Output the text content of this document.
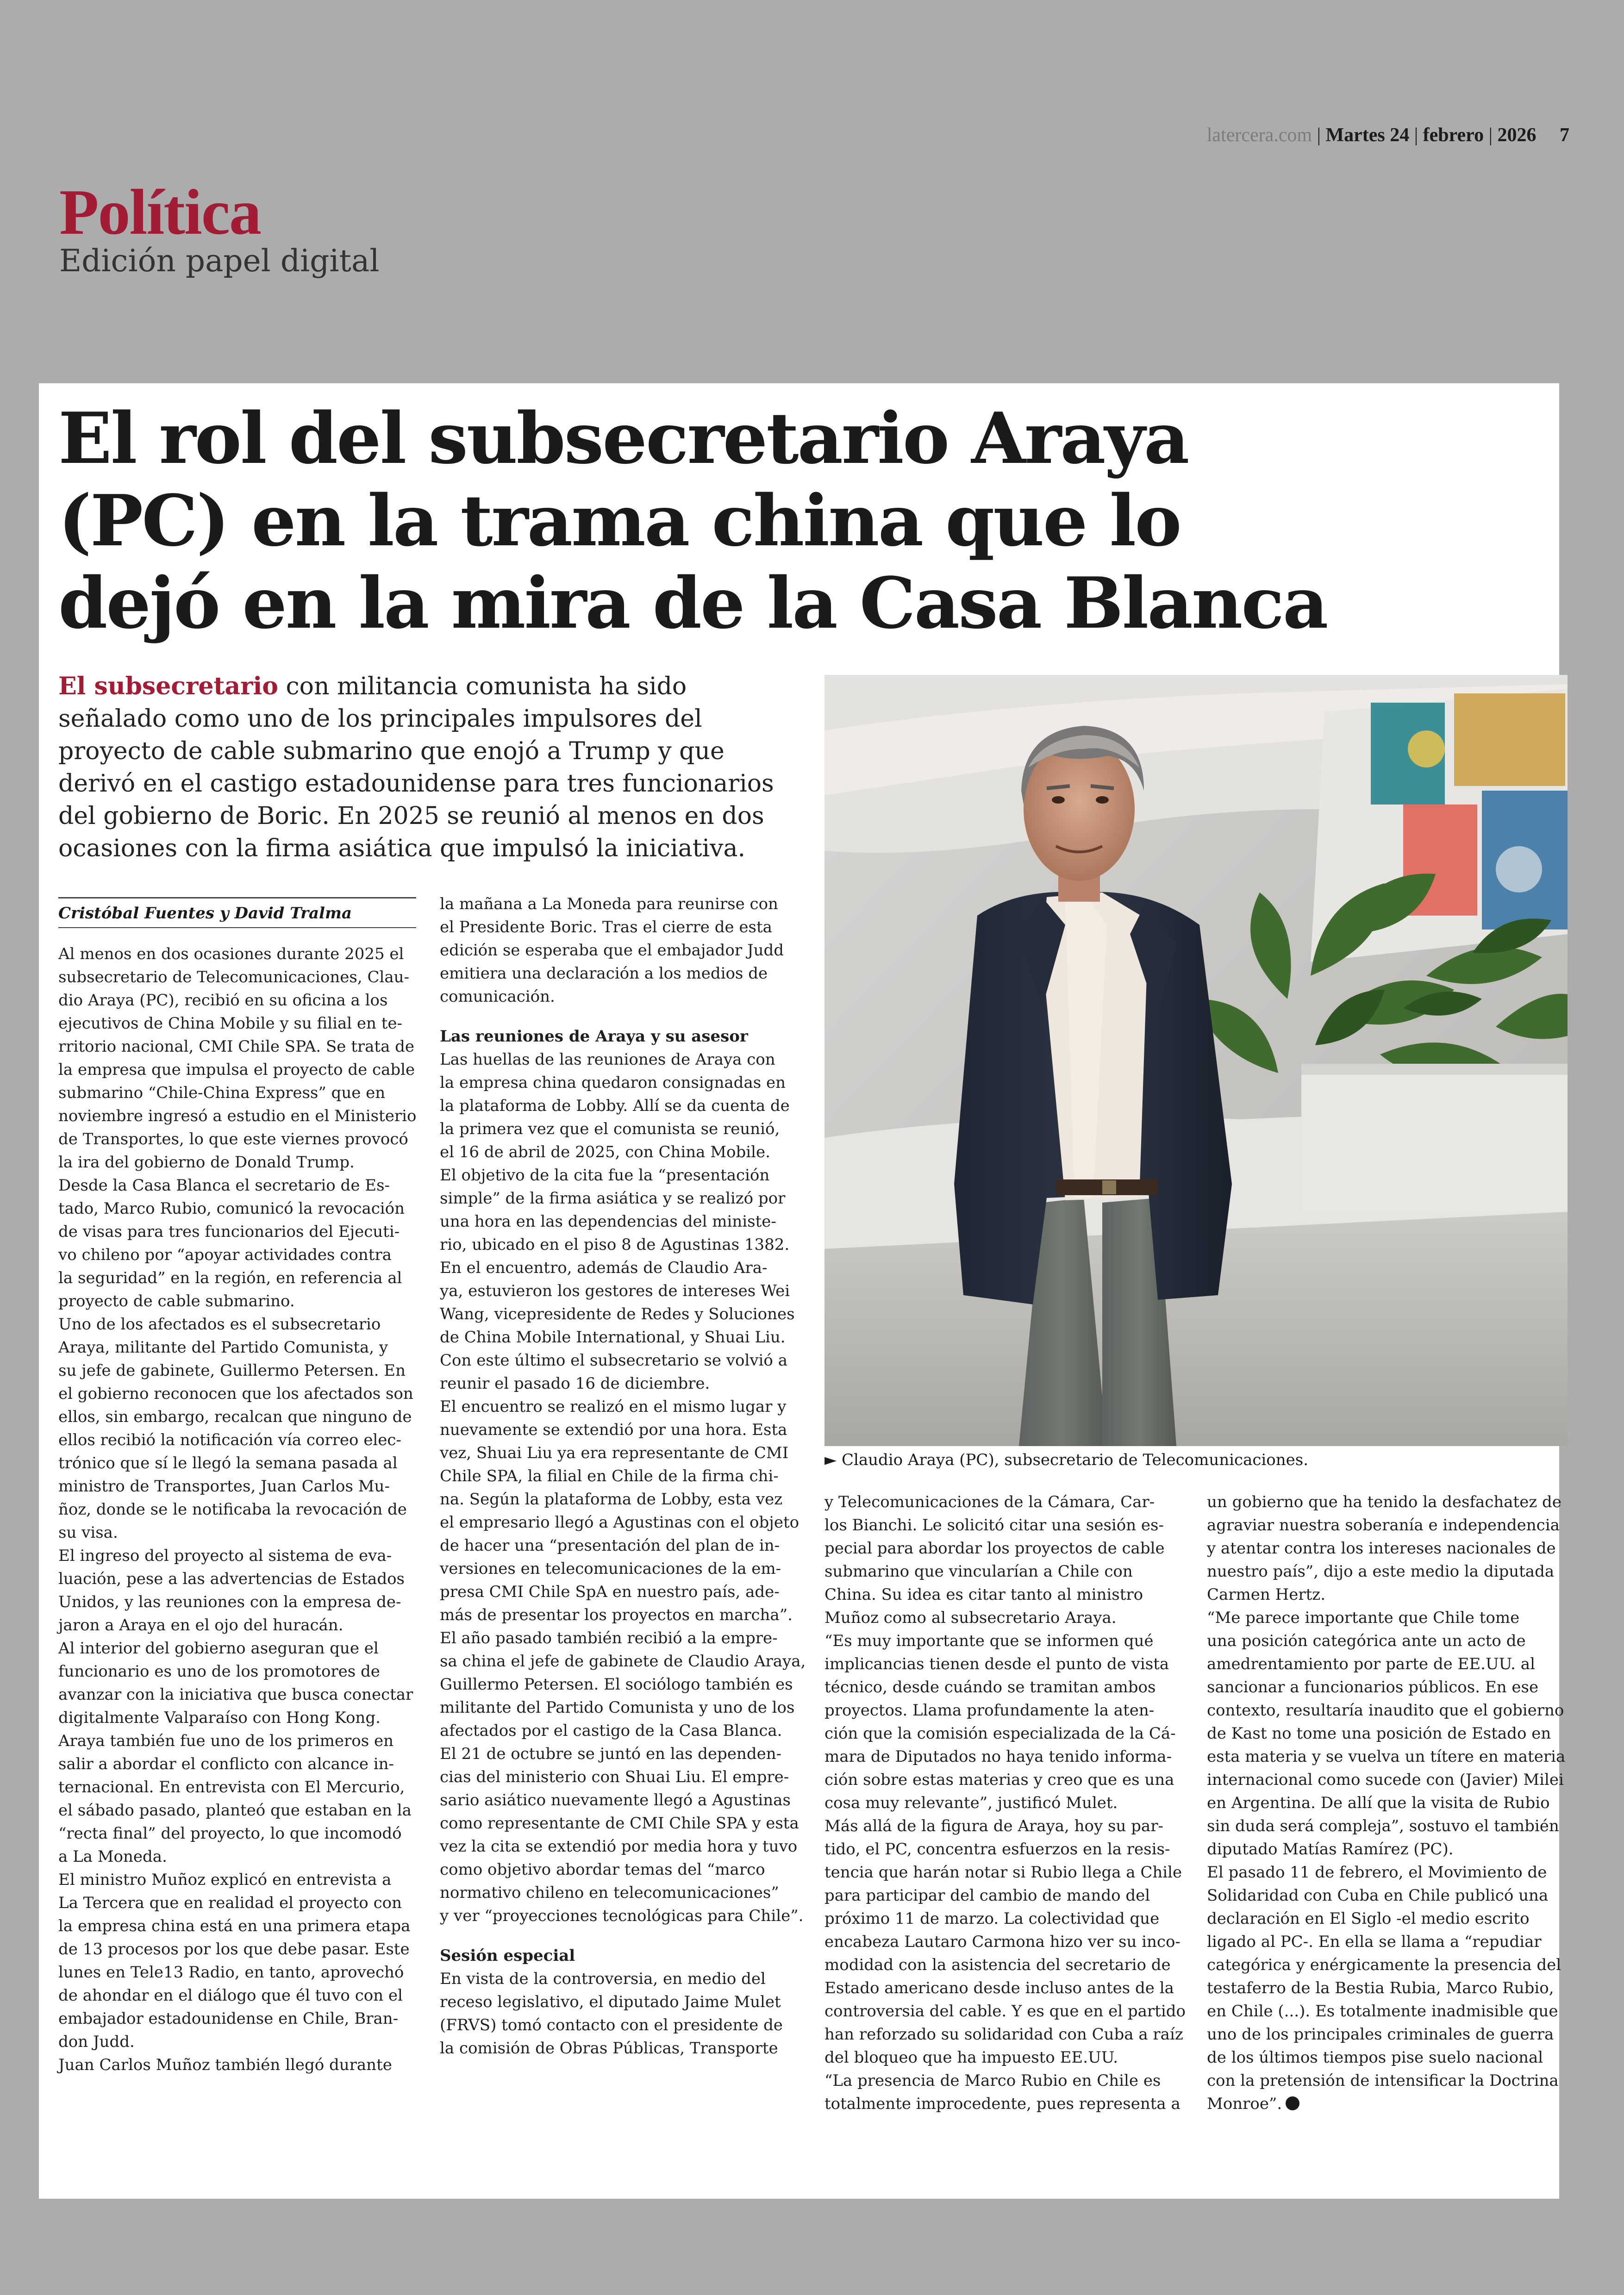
latercera.com | Martes 24 | febrero | 2026 7
Política
Edición papel digital
El rol del subsecretario Araya
(PC) en la trama china que lo
dejó en la mira de la Casa Blanca
El subsecretario con militancia comunista ha sido
señalado como uno de los principales impulsores del
proyecto de cable submarino que enojó a Trump y que
derivó en el castigo estadounidense para tres funcionarios
del gobierno de Boric. En 2025 se reunió al menos en dos
ocasiones con la firma asiática que impulsó la iniciativa.
► Claudio Araya (PC), subsecretario de Telecomunicaciones.
Cristóbal Fuentes y David Tralma
Al menos en dos ocasiones durante 2025 el
subsecretario de Telecomunicaciones, Clau-
dio Araya (PC), recibió en su oficina a los
ejecutivos de China Mobile y su filial en te-
rritorio nacional, CMI Chile SPA. Se trata de
la empresa que impulsa el proyecto de cable
submarino “Chile-China Express” que en
noviembre ingresó a estudio en el Ministerio
de Transportes, lo que este viernes provocó
la ira del gobierno de Donald Trump.
Desde la Casa Blanca el secretario de Es-
tado, Marco Rubio, comunicó la revocación
de visas para tres funcionarios del Ejecuti-
vo chileno por “apoyar actividades contra
la seguridad” en la región, en referencia al
proyecto de cable submarino.
Uno de los afectados es el subsecretario
Araya, militante del Partido Comunista, y
su jefe de gabinete, Guillermo Petersen. En
el gobierno reconocen que los afectados son
ellos, sin embargo, recalcan que ninguno de
ellos recibió la notificación vía correo elec-
trónico que sí le llegó la semana pasada al
ministro de Transportes, Juan Carlos Mu-
ñoz, donde se le notificaba la revocación de
su visa.
El ingreso del proyecto al sistema de eva-
luación, pese a las advertencias de Estados
Unidos, y las reuniones con la empresa de-
jaron a Araya en el ojo del huracán.
Al interior del gobierno aseguran que el
funcionario es uno de los promotores de
avanzar con la iniciativa que busca conectar
digitalmente Valparaíso con Hong Kong.
Araya también fue uno de los primeros en
salir a abordar el conflicto con alcance in-
ternacional. En entrevista con El Mercurio,
el sábado pasado, planteó que estaban en la
“recta final” del proyecto, lo que incomodó
a La Moneda.
El ministro Muñoz explicó en entrevista a
La Tercera que en realidad el proyecto con
la empresa china está en una primera etapa
de 13 procesos por los que debe pasar. Este
lunes en Tele13 Radio, en tanto, aprovechó
de ahondar en el diálogo que él tuvo con el
embajador estadounidense en Chile, Bran-
don Judd.
Juan Carlos Muñoz también llegó durante
la mañana a La Moneda para reunirse con
el Presidente Boric. Tras el cierre de esta
edición se esperaba que el embajador Judd
emitiera una declaración a los medios de
comunicación.
Las reuniones de Araya y su asesor
Las huellas de las reuniones de Araya con
la empresa china quedaron consignadas en
la plataforma de Lobby. Allí se da cuenta de
la primera vez que el comunista se reunió,
el 16 de abril de 2025, con China Mobile.
El objetivo de la cita fue la “presentación
simple” de la firma asiática y se realizó por
una hora en las dependencias del ministe-
rio, ubicado en el piso 8 de Agustinas 1382.
En el encuentro, además de Claudio Ara-
ya, estuvieron los gestores de intereses Wei
Wang, vicepresidente de Redes y Soluciones
de China Mobile International, y Shuai Liu.
Con este último el subsecretario se volvió a
reunir el pasado 16 de diciembre.
El encuentro se realizó en el mismo lugar y
nuevamente se extendió por una hora. Esta
vez, Shuai Liu ya era representante de CMI
Chile SPA, la filial en Chile de la firma chi-
na. Según la plataforma de Lobby, esta vez
el empresario llegó a Agustinas con el objeto
de hacer una “presentación del plan de in-
versiones en telecomunicaciones de la em-
presa CMI Chile SpA en nuestro país, ade-
más de presentar los proyectos en marcha”.
El año pasado también recibió a la empre-
sa china el jefe de gabinete de Claudio Araya,
Guillermo Petersen. El sociólogo también es
militante del Partido Comunista y uno de los
afectados por el castigo de la Casa Blanca.
El 21 de octubre se juntó en las dependen-
cias del ministerio con Shuai Liu. El empre-
sario asiático nuevamente llegó a Agustinas
como representante de CMI Chile SPA y esta
vez la cita se extendió por media hora y tuvo
como objetivo abordar temas del “marco
normativo chileno en telecomunicaciones”
y ver “proyecciones tecnológicas para Chile”.
Sesión especial
En vista de la controversia, en medio del
receso legislativo, el diputado Jaime Mulet
(FRVS) tomó contacto con el presidente de
la comisión de Obras Públicas, Transporte
y Telecomunicaciones de la Cámara, Car-
los Bianchi. Le solicitó citar una sesión es-
pecial para abordar los proyectos de cable
submarino que vincularían a Chile con
China. Su idea es citar tanto al ministro
Muñoz como al subsecretario Araya.
“Es muy importante que se informen qué
implicancias tienen desde el punto de vista
técnico, desde cuándo se tramitan ambos
proyectos. Llama profundamente la aten-
ción que la comisión especializada de la Cá-
mara de Diputados no haya tenido informa-
ción sobre estas materias y creo que es una
cosa muy relevante”, justificó Mulet.
Más allá de la figura de Araya, hoy su par-
tido, el PC, concentra esfuerzos en la resis-
tencia que harán notar si Rubio llega a Chile
para participar del cambio de mando del
próximo 11 de marzo. La colectividad que
encabeza Lautaro Carmona hizo ver su inco-
modidad con la asistencia del secretario de
Estado americano desde incluso antes de la
controversia del cable. Y es que en el partido
han reforzado su solidaridad con Cuba a raíz
del bloqueo que ha impuesto EE.UU.
“La presencia de Marco Rubio en Chile es
totalmente improcedente, pues representa a
un gobierno que ha tenido la desfachatez de
agraviar nuestra soberanía e independencia
y atentar contra los intereses nacionales de
nuestro país”, dijo a este medio la diputada
Carmen Hertz.
“Me parece importante que Chile tome
una posición categórica ante un acto de
amedrentamiento por parte de EE.UU. al
sancionar a funcionarios públicos. En ese
contexto, resultaría inaudito que el gobierno
de Kast no tome una posición de Estado en
esta materia y se vuelva un títere en materia
internacional como sucede con (Javier) Milei
en Argentina. De allí que la visita de Rubio
sin duda será compleja”, sostuvo el también
diputado Matías Ramírez (PC).
El pasado 11 de febrero, el Movimiento de
Solidaridad con Cuba en Chile publicó una
declaración en El Siglo -el medio escrito
ligado al PC-. En ella se llama a “repudiar
categórica y enérgicamente la presencia del
testaferro de la Bestia Rubia, Marco Rubio,
en Chile (...). Es totalmente inadmisible que
uno de los principales criminales de guerra
de los últimos tiempos pise suelo nacional
con la pretensión de intensificar la Doctrina
Monroe”.
